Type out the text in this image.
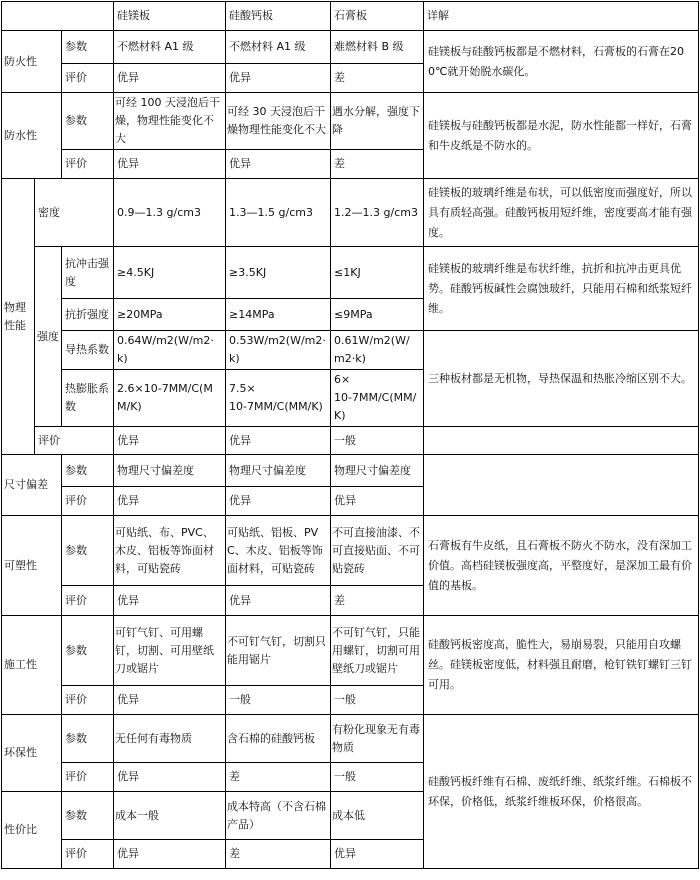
			硅镁板	硅酸钙板	石膏板	详解
防火性		参数	不燃材料 A1 级	不燃材料 A1 级	难燃材料 B 级	硅镁板与硅酸钙板都是不燃材料，石膏板的石膏在200℃就开始脱水碳化。
		评价	优异	优异	差	
防水性		参数	可经 100 天浸泡后干燥，物理性能变化不大	可经 30 天浸泡后干燥物理性能变化不大	遇水分解，强度下降	硅镁板与硅酸钙板都是水泥，防水性能都一样好，石膏和牛皮纸是不防水的。
		评价	优异	优异	差	
物理性能	密度		0.9—1.3 g/cm3	1.3—1.5 g/cm3	1.2—1.3 g/cm3	硅镁板的玻璃纤维是布状，可以低密度而强度好，所以具有质轻高强。硅酸钙板用短纤维，密度要高才能有强度。
	强度	抗冲击强度	≥4.5KJ	≥3.5KJ	≤1KJ	硅镁板的玻璃纤维是布状纤维，抗折和抗冲击更具优势。硅酸钙板碱性会腐蚀玻纤，只能用石棉和纸浆短纤维。
		抗折强度	≥20MPa	≥14MPa	≤9MPa	
		导热系数	0.64W/m2(W/m2·k)	0.53W/m2(W/m2·k)	0.61W/m2(W/m2·k)	三种板材都是无机物，导热保温和热胀冷缩区别不大。
		热膨胀系数	2.6×10-7MM/C(MM/K)	7.5×
10-7MM/C(MM/K)	6×
10-7MM/C(MM/K)	
	评价		优异	优异	一般	

尺寸偏差		参数	物理尺寸偏差度	物理尺寸偏差度	物理尺寸偏差度	
		评价	优异	优异	优异	
可塑性		参数	可贴纸、布、PVC、木皮、铝板等饰面材料，可贴瓷砖	可贴纸、铝板、PVC、木皮、铝板等饰面材料，可贴瓷砖	不可直接油漆、不可直接贴面、不可贴瓷砖	石膏板有牛皮纸，且石膏板不防火不防水，没有深加工价值。高档硅镁板强度高，平整度好，是深加工最有价值的基板。
		评价	优异	优异	差	
施工性		参数	可钉气钉、可用螺钉，切割、可用壁纸刀或锯片	不可钉气钉，切割只能用锯片	不可钉气钉，只能用螺钉，切割可用壁纸刀或锯片	硅酸钙板密度高，脆性大，易崩易裂，只能用自攻螺丝。硅镁板密度低，材料强且耐磨，枪钉铁钉螺钉三钉可用。
		评价	优异	一般	一般	
环保性		参数	无任何有毒物质	含石棉的硅酸钙板	有粉化现象无有毒物质	硅酸钙板纤维有石棉、废纸纤维、纸浆纤维。石棉板不环保，价格低，纸浆纤维板环保，价格很高。
		评价	优异	差	一般	
性价比		参数	成本一般	成本特高（不含石棉产品）	成本低	
		评价	优异	差	优异	
